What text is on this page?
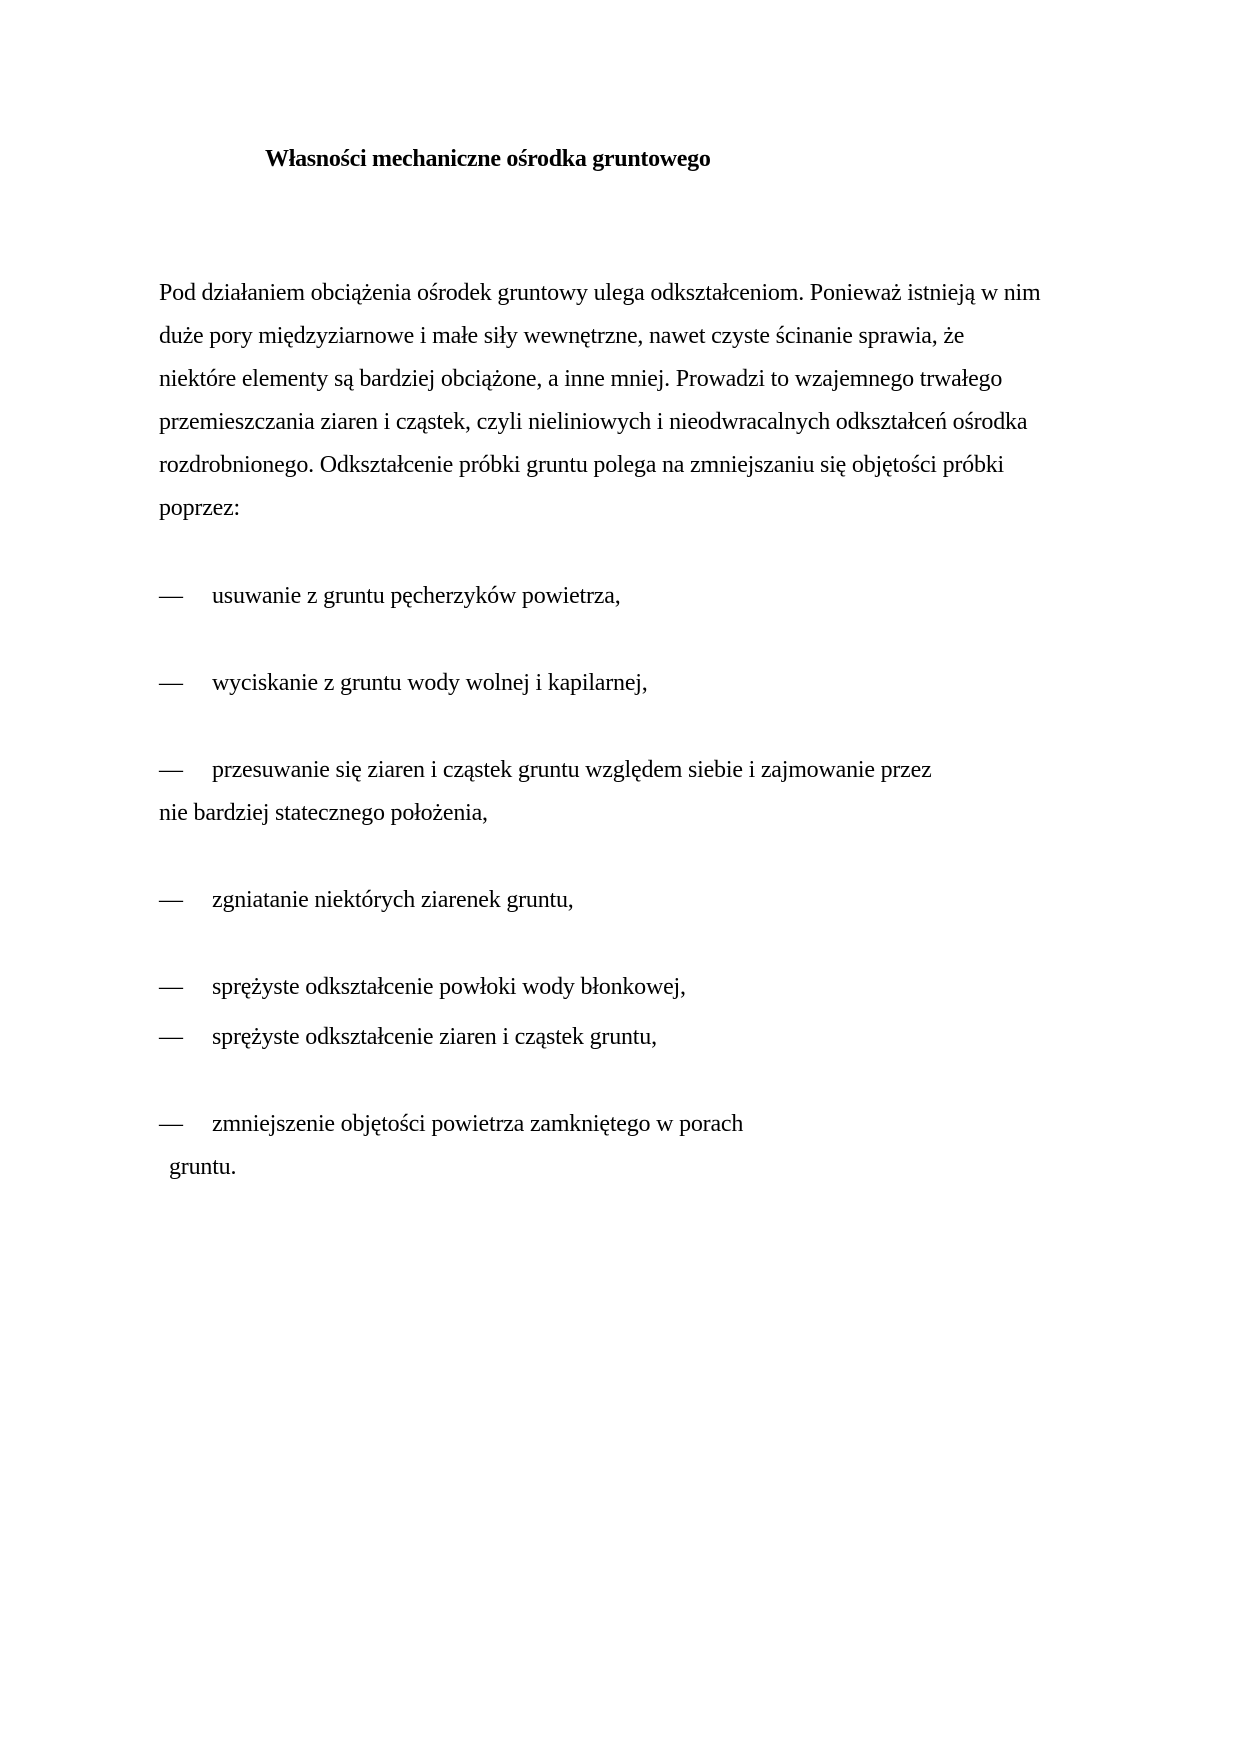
Własności mechaniczne ośrodka gruntowego
Pod działaniem obciążenia ośrodek gruntowy ulega odkształceniom. Ponieważ istnieją w nim
duże pory międzyziarnowe i małe siły wewnętrzne, nawet czyste ścinanie sprawia, że
niektóre elementy są bardziej obciążone, a inne mniej. Prowadzi to wzajemnego trwałego
przemieszczania ziaren i cząstek, czyli nieliniowych i nieodwracalnych odkształceń ośrodka
rozdrobnionego. Odkształcenie próbki gruntu polega na zmniejszaniu się objętości próbki
poprzez:
— usuwanie z gruntu pęcherzyków powietrza,
— wyciskanie z gruntu wody wolnej i kapilarnej,
— przesuwanie się ziaren i cząstek gruntu względem siebie i zajmowanie przez
nie bardziej statecznego położenia,
— zgniatanie niektórych ziarenek gruntu,
— sprężyste odkształcenie powłoki wody błonkowej,
— sprężyste odkształcenie ziaren i cząstek gruntu,
— zmniejszenie objętości powietrza zamkniętego w porach
gruntu.
